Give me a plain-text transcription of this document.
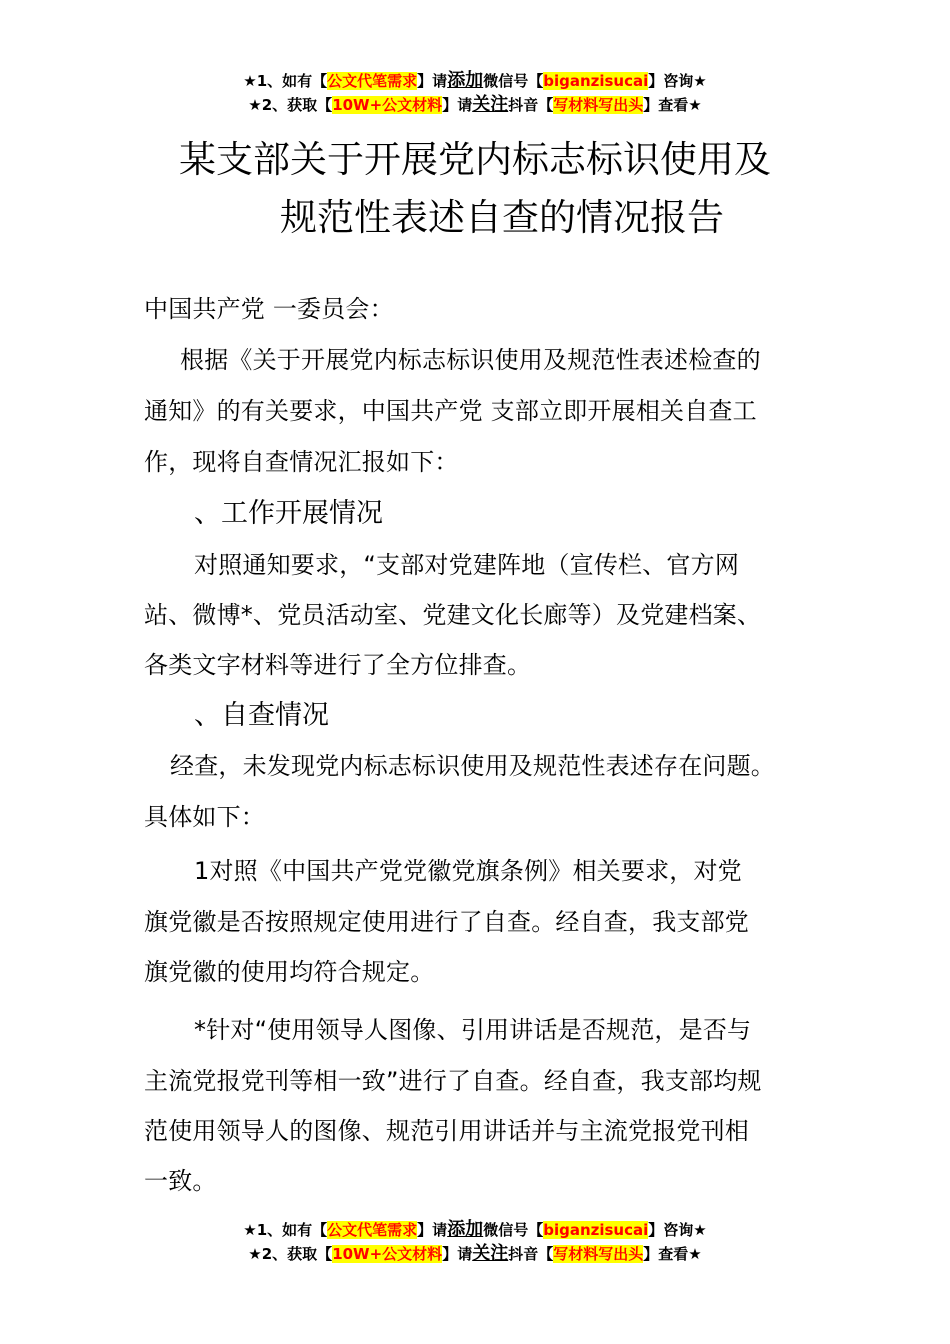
★1、如有【公文代笔需求】请添加微信号【biganzisucai】咨询★
★2、获取【10W+公文材料】请关注抖音【写材料写出头】查看★
某支部关于开展党内标志标识使用及
规范性表述自查的情况报告
中国共产党 一委员会：
根据《关于开展党内标志标识使用及规范性表述检查的
通知》的有关要求，中国共产党 支部立即开展相关自查工
作，现将自查情况汇报如下：
、工作开展情况
对照通知要求，“支部对党建阵地（宣传栏、官方网
站、微博*、党员活动室、党建文化长廊等）及党建档案、
各类文字材料等进行了全方位排查。
、自查情况
经查，未发现党内标志标识使用及规范性表述存在问题。
具体如下：
1对照《中国共产党党徽党旗条例》相关要求，对党
旗党徽是否按照规定使用进行了自查。经自查，我支部党
旗党徽的使用均符合规定。
*针对“使用领导人图像、引用讲话是否规范，是否与
主流党报党刊等相一致”进行了自查。经自查，我支部均规
范使用领导人的图像、规范引用讲话并与主流党报党刊相
一致。
★1、如有【公文代笔需求】请添加微信号【biganzisucai】咨询★
★2、获取【10W+公文材料】请关注抖音【写材料写出头】查看★
